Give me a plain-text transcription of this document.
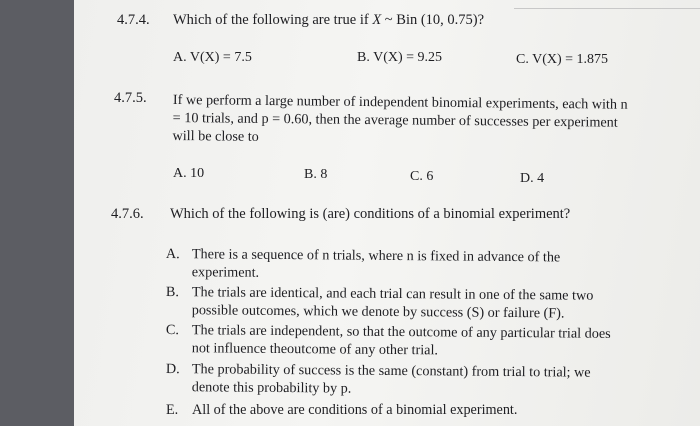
4.7.4. Which of the following are true if X ~ Bin (10, 0.75)?
A. V(X) = 7.5	B. V(X) = 9.25	C. V(X) = 1.875
4.7.5. If we perform a large number of independent binomial experiments, each with n
= 10 trials, and p = 0.60, then the average number of successes per experiment
will be close to
A. 10	B. 8	C. 6	D. 4
4.7.6. Which of the following is (are) conditions of a binomial experiment?
A. There is a sequence of n trials, where n is fixed in advance of the
experiment.
B. The trials are identical, and each trial can result in one of the same two
possible outcomes, which we denote by success (S) or failure (F).
C. The trials are independent, so that the outcome of any particular trial does
not influence theoutcome of any other trial.
D. The probability of success is the same (constant) from trial to trial; we
denote this probability by p.
E. All of the above are conditions of a binomial experiment.
